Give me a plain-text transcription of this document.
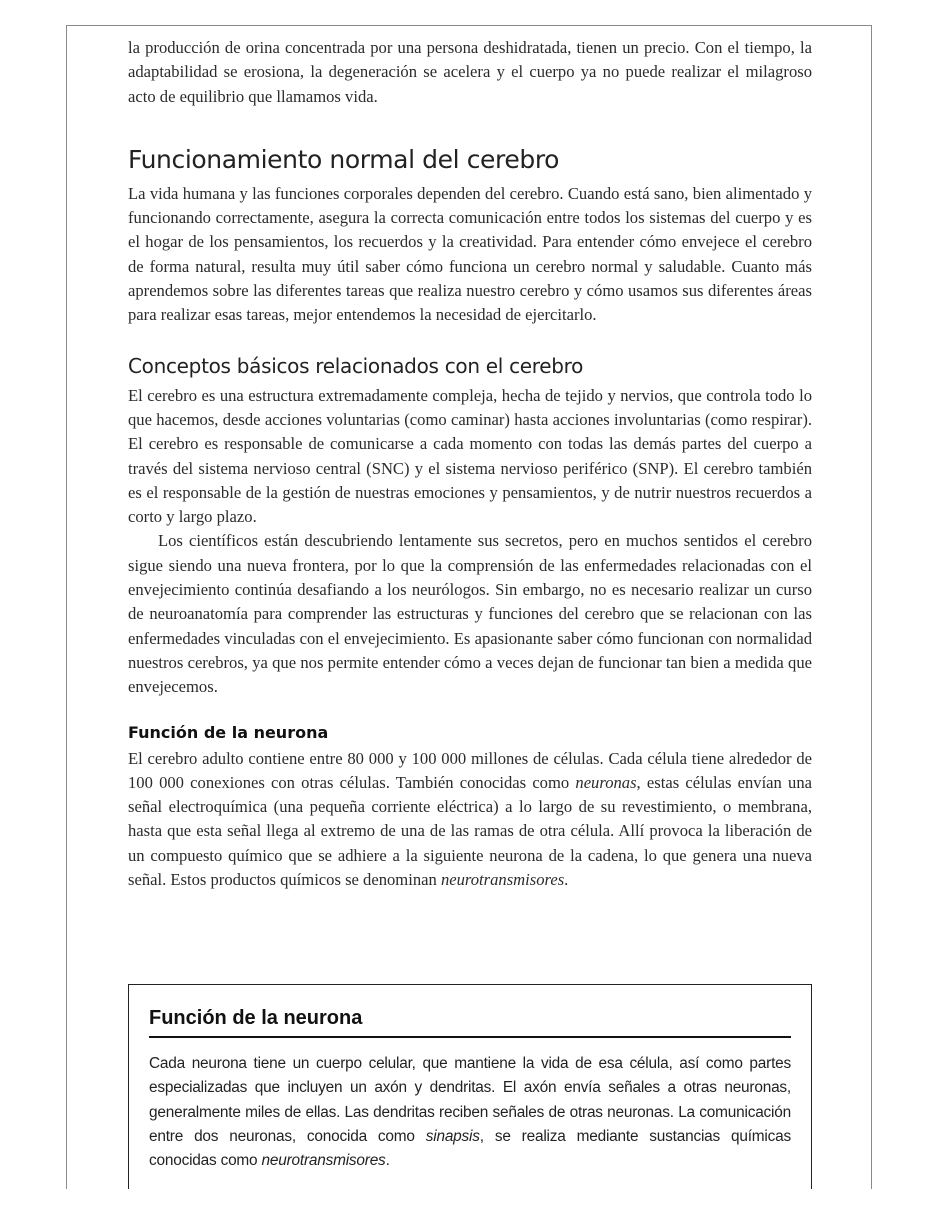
la producción de orina concentrada por una persona deshidratada, tienen un precio. Con el tiempo, la adaptabilidad se erosiona, la degeneración se acelera y el cuerpo ya no puede realizar el milagroso acto de equilibrio que llamamos vida.

Funcionamiento normal del cerebro

La vida humana y las funciones corporales dependen del cerebro. Cuando está sano, bien alimentado y funcionando correctamente, asegura la correcta comunicación entre todos los sistemas del cuerpo y es el hogar de los pensamientos, los recuerdos y la creatividad. Para entender cómo envejece el cerebro de forma natural, resulta muy útil saber cómo funciona un cerebro normal y saludable. Cuanto más aprendemos sobre las diferentes tareas que realiza nuestro cerebro y cómo usamos sus diferentes áreas para realizar esas tareas, mejor entendemos la necesidad de ejercitarlo.

Conceptos básicos relacionados con el cerebro

El cerebro es una estructura extremadamente compleja, hecha de tejido y nervios, que controla todo lo que hacemos, desde acciones voluntarias (como caminar) hasta acciones involuntarias (como respirar). El cerebro es responsable de comunicarse a cada momento con todas las demás partes del cuerpo a través del sistema nervioso central (SNC) y el sistema nervioso periférico (SNP). El cerebro también es el responsable de la gestión de nuestras emociones y pensamientos, y de nutrir nuestros recuerdos a corto y largo plazo.

Los científicos están descubriendo lentamente sus secretos, pero en muchos sentidos el cerebro sigue siendo una nueva frontera, por lo que la comprensión de las enfermedades relacionadas con el envejecimiento continúa desafiando a los neurólogos. Sin embargo, no es necesario realizar un curso de neuroanatomía para comprender las estructuras y funciones del cerebro que se relacionan con las enfermedades vinculadas con el envejecimiento. Es apasionante saber cómo funcionan con normalidad nuestros cerebros, ya que nos permite entender cómo a veces dejan de funcionar tan bien a medida que envejecemos.

Función de la neurona

El cerebro adulto contiene entre 80 000 y 100 000 millones de células. Cada célula tiene alrededor de 100 000 conexiones con otras células. También conocidas como neuronas, estas células envían una señal electroquímica (una pequeña corriente eléctrica) a lo largo de su revestimiento, o membrana, hasta que esta señal llega al extremo de una de las ramas de otra célula. Allí provoca la liberación de un compuesto químico que se adhiere a la siguiente neurona de la cadena, lo que genera una nueva señal. Estos productos químicos se denominan neurotransmisores.

Función de la neurona

Cada neurona tiene un cuerpo celular, que mantiene la vida de esa célula, así como partes especializadas que incluyen un axón y dendritas. El axón envía señales a otras neuronas, generalmente miles de ellas. Las dendritas reciben señales de otras neuronas. La comunicación entre dos neuronas, conocida como sinapsis, se realiza mediante sustancias químicas conocidas como neurotransmisores.
